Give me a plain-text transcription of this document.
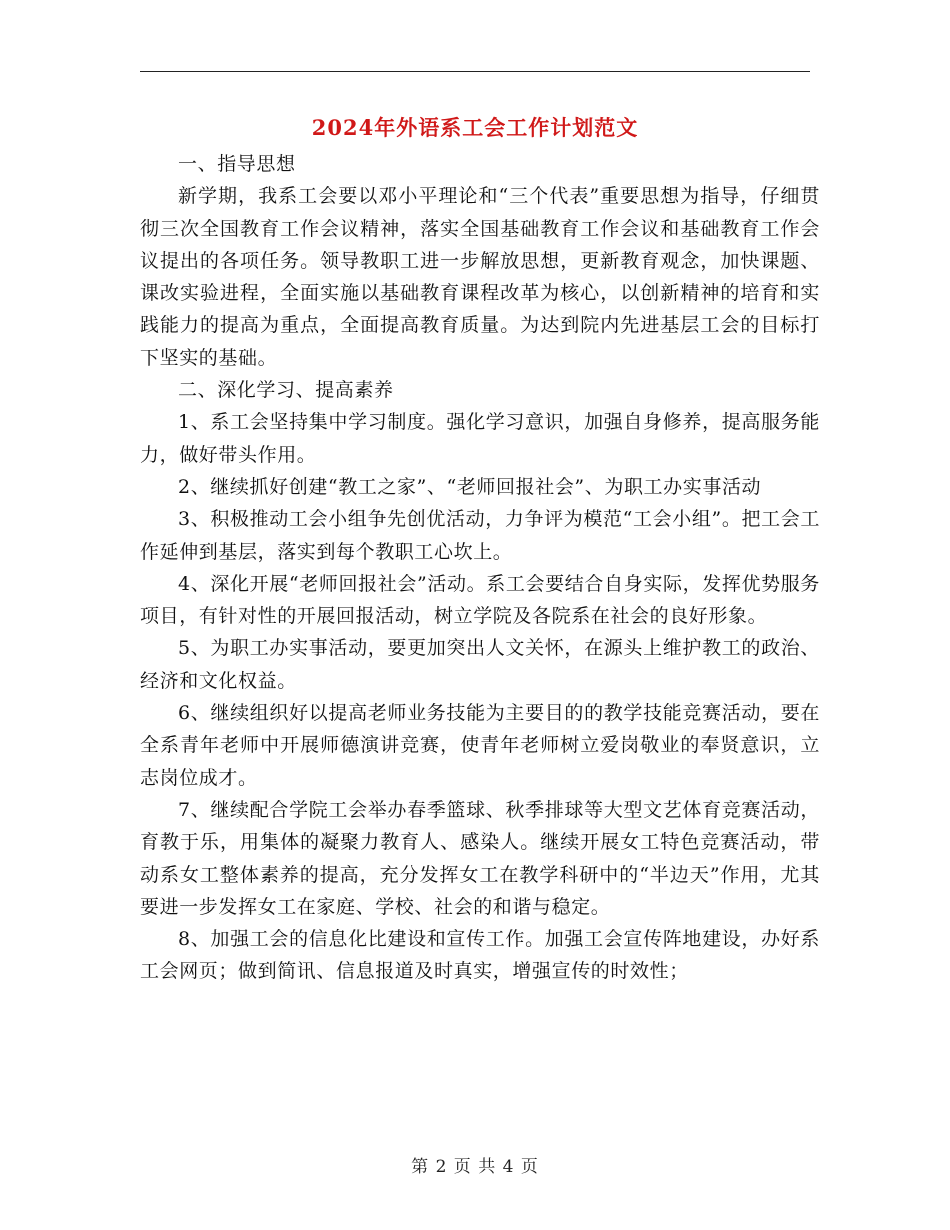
2024年外语系工会工作计划范文

一、指导思想

新学期，我系工会要以邓小平理论和“三个代表”重要思想为指导，仔细贯彻三次全国教育工作会议精神，落实全国基础教育工作会议和基础教育工作会议提出的各项任务。领导教职工进一步解放思想，更新教育观念，加快课题、课改实验进程，全面实施以基础教育课程改革为核心，以创新精神的培育和实践能力的提高为重点，全面提高教育质量。为达到院内先进基层工会的目标打下坚实的基础。

二、深化学习、提高素养

1、系工会坚持集中学习制度。强化学习意识，加强自身修养，提高服务能力，做好带头作用。

2、继续抓好创建“教工之家”、“老师回报社会”、为职工办实事活动

3、积极推动工会小组争先创优活动，力争评为模范“工会小组”。把工会工作延伸到基层，落实到每个教职工心坎上。

4、深化开展“老师回报社会”活动。系工会要结合自身实际，发挥优势服务项目，有针对性的开展回报活动，树立学院及各院系在社会的良好形象。

5、为职工办实事活动，要更加突出人文关怀，在源头上维护教工的政治、经济和文化权益。

6、继续组织好以提高老师业务技能为主要目的的教学技能竞赛活动，要在全系青年老师中开展师德演讲竞赛，使青年老师树立爱岗敬业的奉贤意识，立志岗位成才。

7、继续配合学院工会举办春季篮球、秋季排球等大型文艺体育竞赛活动，育教于乐，用集体的凝聚力教育人、感染人。继续开展女工特色竞赛活动，带动系女工整体素养的提高，充分发挥女工在教学科研中的“半边天”作用，尤其要进一步发挥女工在家庭、学校、社会的和谐与稳定。

8、加强工会的信息化比建设和宣传工作。加强工会宣传阵地建设，办好系工会网页；做到简讯、信息报道及时真实，增强宣传的时效性；

第 2 页 共 4 页
